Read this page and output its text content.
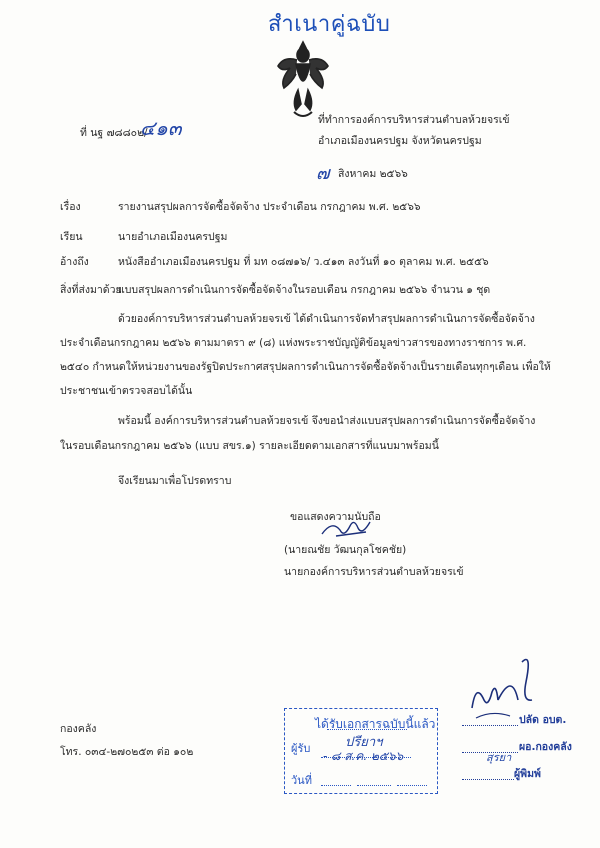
สำเนาคู่ฉบับ
ที่ นฐ ๗๘๘๐๒/
๔๑๓	ที่ทำการองค์การบริหารส่วนตำบลห้วยจรเข้
อำเภอเมืองนครปฐม จังหวัดนครปฐม
๗ สิงหาคม ๒๕๖๖
เรื่อง	รายงานสรุปผลการจัดซื้อจัดจ้าง ประจำเดือน กรกฎาคม พ.ศ. ๒๕๖๖
เรียน	นายอำเภอเมืองนครปฐม
อ้างถึง	หนังสืออำเภอเมืองนครปฐม ที่ มท ๐๘๗๑๖/ ว.๔๑๓ ลงวันที่ ๑๐ ตุลาคม พ.ศ. ๒๕๕๖
สิ่งที่ส่งมาด้วย
แบบสรุปผลการดำเนินการจัดซื้อจัดจ้างในรอบเดือน กรกฎาคม ๒๕๖๖ จำนวน ๑ ชุด
ด้วยองค์การบริหารส่วนตำบลห้วยจรเข้ ได้ดำเนินการจัดทำสรุปผลการดำเนินการจัดซื้อจัดจ้าง
ประจำเดือนกรกฎาคม ๒๕๖๖ ตามมาตรา ๙ (๘) แห่งพระราชบัญญัติข้อมูลข่าวสารของทางราชการ พ.ศ.
๒๕๔๐ กำหนดให้หน่วยงานของรัฐปิดประกาศสรุปผลการดำเนินการจัดซื้อจัดจ้างเป็นรายเดือนทุกๆเดือน เพื่อให้
ประชาชนเข้าตรวจสอบได้นั้น
พร้อมนี้ องค์การบริหารส่วนตำบลห้วยจรเข้ จึงขอนำส่งแบบสรุปผลการดำเนินการจัดซื้อจัดจ้าง
ในรอบเดือนกรกฎาคม ๒๕๖๖ (แบบ สขร.๑) รายละเอียดตามเอกสารที่แนบมาพร้อมนี้
จึงเรียนมาเพื่อโปรดทราบ
ขอแสดงความนับถือ
(นายณชัย วัฒนกุลโชคชัย)
นายกองค์การบริหารส่วนตำบลห้วยจรเข้
กองคลัง
โทร. ๐๓๔-๒๗๐๒๕๓ ต่อ ๑๐๒
ได้รับเอกสารฉบับนี้แล้ว
ผู้รับ	ปรียาฯ
- ๘ ส.ค. ๒๕๖๖
วันที่
ปลัด อบต.
ผอ.กองคลัง
สุรยา
ผู้พิมพ์
